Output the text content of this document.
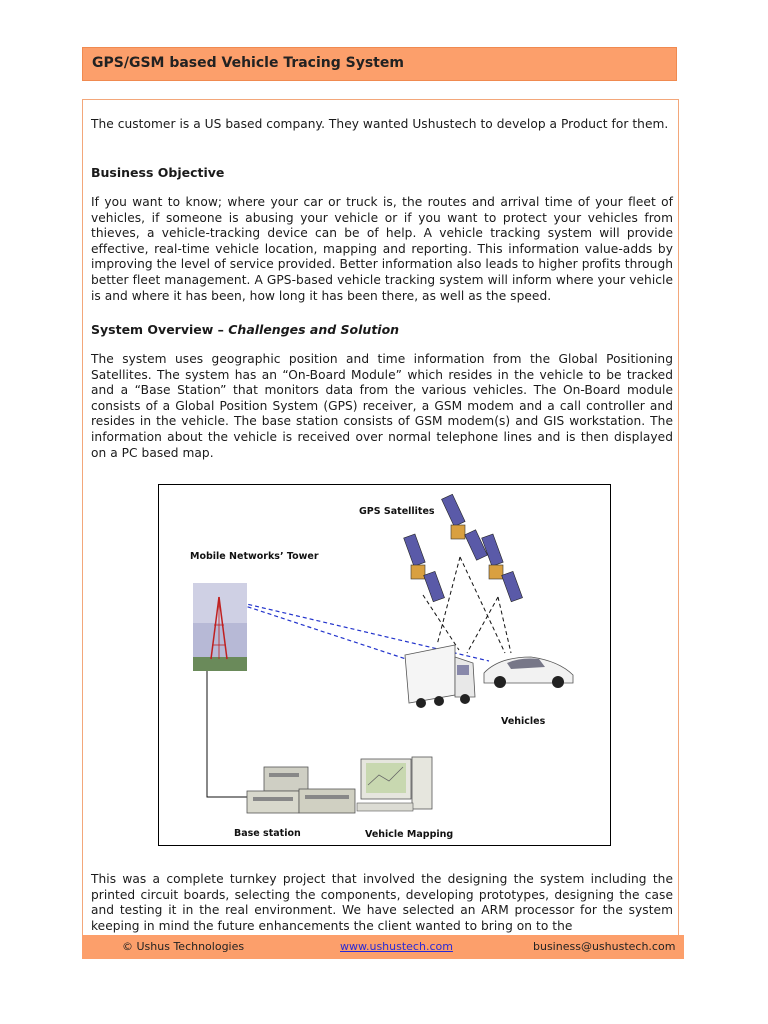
GPS/GSM based Vehicle Tracing System

The customer is a US based company. They wanted Ushustech to develop a Product for them.

Business Objective

If you want to know; where your car or truck is, the routes and arrival time of your fleet of vehicles, if someone is abusing your vehicle or if you want to protect your vehicles from thieves, a vehicle-tracking device can be of help. A vehicle tracking system will provide effective, real-time vehicle location, mapping and reporting. This information value-adds by improving the level of service provided. Better information also leads to higher profits through better fleet management. A GPS-based vehicle tracking system will inform where your vehicle is and where it has been, how long it has been there, as well as the speed.

System Overview – Challenges and Solution

The system uses geographic position and time information from the Global Positioning Satellites. The system has an “On-Board Module” which resides in the vehicle to be tracked and a “Base Station” that monitors data from the various vehicles. The On-Board module consists of a Global Position System (GPS) receiver, a GSM modem and a call controller and resides in the vehicle. The base station consists of GSM modem(s) and GIS workstation. The information about the vehicle is received over normal telephone lines and is then displayed on a PC based map.

GPS Satellites
Mobile Networks’ Tower
Vehicles
Base station	Vehicle Mapping

This was a complete turnkey project that involved the designing the system including the printed circuit boards, selecting the components, developing prototypes, designing the case and testing it in the real environment. We have selected an ARM processor for the system keeping in mind the future enhancements the client wanted to bring on to the

© Ushus Technologies	www.ushustech.com	business@ushustech.com
